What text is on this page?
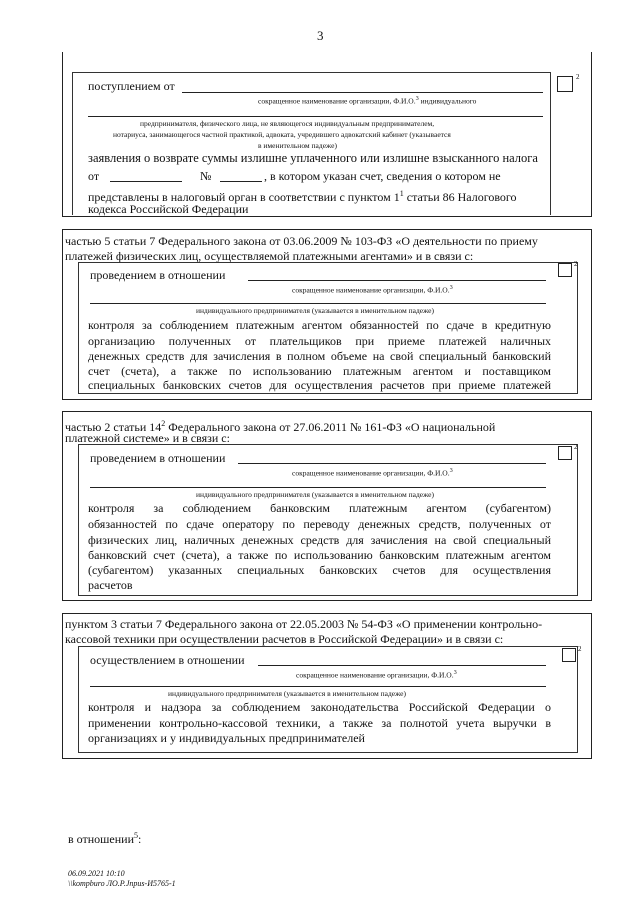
3
поступлением от
сокращенное наименование организации, Ф.И.О.$^3$ индивидуального
2
предпринимателя, физического лица, не являющегося индивидуальным предпринимателем,
нотариуса, занимающегося частной практикой, адвоката, учредившего адвокатский кабинет (указывается
в именительном падеже)
заявления о возврате суммы излишне уплаченного или излишне взысканного налога
от	№	, в котором указан счет, сведения о котором не
представлены в налоговый орган в соответствии с пунктом $1^1$ статьи 86 Налогового
кодекса Российской Федерации
частью 5 статьи 7 Федерального закона от 03.06.2009 № 103-ФЗ «О деятельности по приему
платежей физических лиц, осуществляемой платежными агентами» и в связи с:
проведением в отношении
сокращенное наименование организации, Ф.И.О.$^3$
2
индивидуального предпринимателя (указывается в именительном падеже)
контроля за соблюдением платежным агентом обязанностей по сдаче в кредитную
организацию полученных от плательщиков при приеме платежей наличных
денежных средств для зачисления в полном объеме на свой специальный банковский
счет (счета), а также по использованию платежным агентом и поставщиком
специальных банковских счетов для осуществления расчетов при приеме платежей
частью 2 статьи $14^2$ Федерального закона от 27.06.2011 № 161-ФЗ «О национальной
платежной системе» и в связи с:
проведением в отношении
сокращенное наименование организации, Ф.И.О.$^3$
2
индивидуального предпринимателя (указывается в именительном падеже)
контроля за соблюдением банковским платежным агентом (субагентом)
обязанностей по сдаче оператору по переводу денежных средств, полученных от
физических лиц, наличных денежных средств для зачисления на свой специальный
банковский счет (счета), а также по использованию банковским платежным агентом
(субагентом) указанных специальных банковских счетов для осуществления
расчетов
пунктом 3 статьи 7 Федерального закона от 22.05.2003 № 54-ФЗ «О применении контрольно-
кассовой техники при осуществлении расчетов в Российской Федерации» и в связи с:
осуществлением в отношении
сокращенное наименование организации, Ф.И.О.$^3$
2
индивидуального предпринимателя (указывается в именительном падеже)
контроля и надзора за соблюдением законодательства Российской Федерации о
применении контрольно-кассовой техники, а также за полнотой учета выручки в
организациях и у индивидуальных предпринимателей
в отношении$^5$:
06.09.2021 10:10
\\kompburo ЛО.Р.Jnpus-И5765-1
